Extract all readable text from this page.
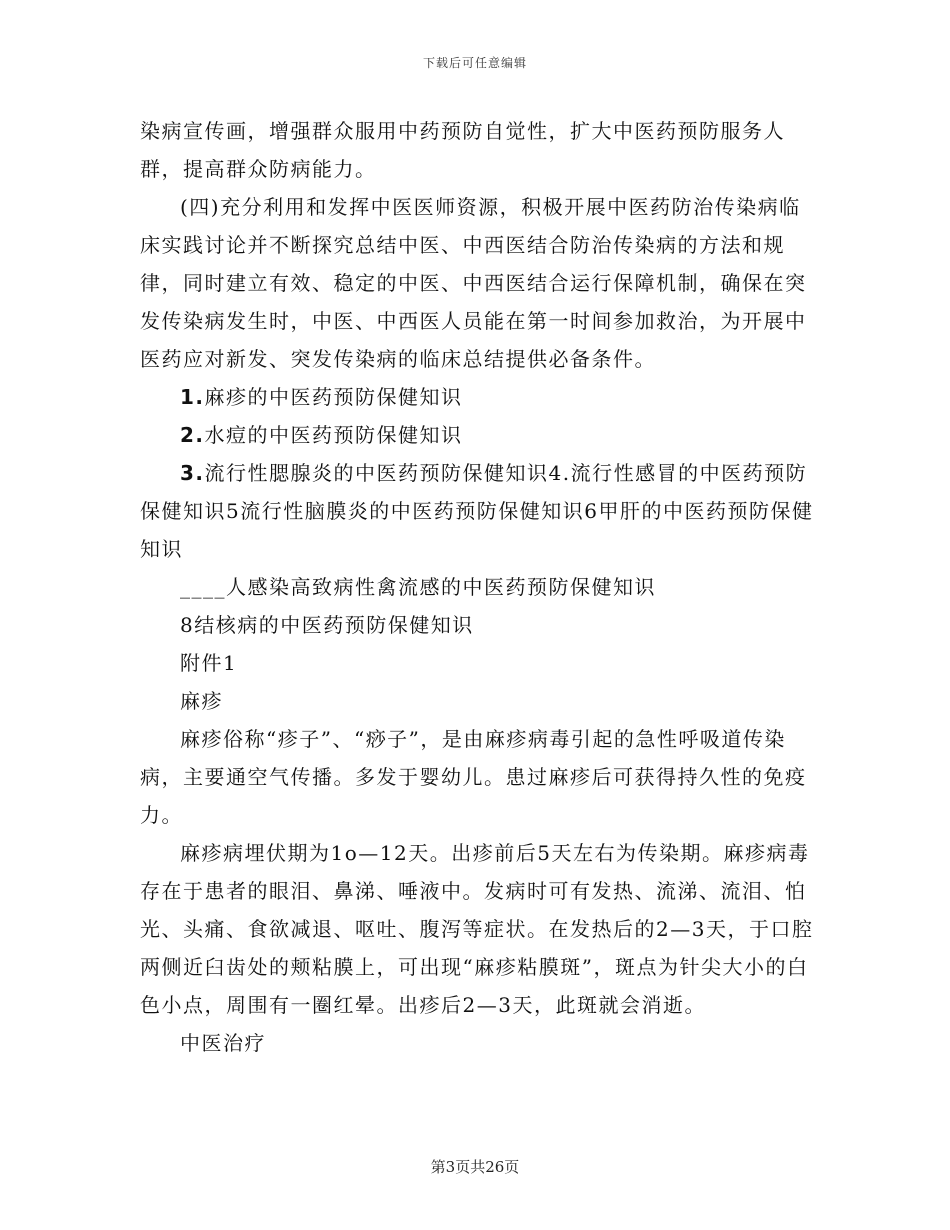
下载后可任意编辑

染病宣传画，增强群众服用中药预防自觉性，扩大中医药预防服务人群，提高群众防病能力。

(四)充分利用和发挥中医医师资源，积极开展中医药防治传染病临床实践讨论并不断探究总结中医、中西医结合防治传染病的方法和规律，同时建立有效、稳定的中医、中西医结合运行保障机制，确保在突发传染病发生时，中医、中西医人员能在第一时间参加救治，为开展中医药应对新发、突发传染病的临床总结提供必备条件。

1.麻疹的中医药预防保健知识

2.水痘的中医药预防保健知识

3.流行性腮腺炎的中医药预防保健知识4.流行性感冒的中医药预防保健知识5流行性脑膜炎的中医药预防保健知识6甲肝的中医药预防保健知识

____人感染高致病性禽流感的中医药预防保健知识

8结核病的中医药预防保健知识

附件1

麻疹

麻疹俗称“疹子”、“痧子”，是由麻疹病毒引起的急性呼吸道传染病，主要通空气传播。多发于婴幼儿。患过麻疹后可获得持久性的免疫力。

麻疹病埋伏期为1o—12天。出疹前后5天左右为传染期。麻疹病毒存在于患者的眼泪、鼻涕、唾液中。发病时可有发热、流涕、流泪、怕光、头痛、食欲减退、呕吐、腹泻等症状。在发热后的2—3天，于口腔两侧近臼齿处的颊粘膜上，可出现“麻疹粘膜斑”，斑点为针尖大小的白色小点，周围有一圈红晕。出疹后2—3天，此斑就会消逝。

中医治疗

第3页共26页
